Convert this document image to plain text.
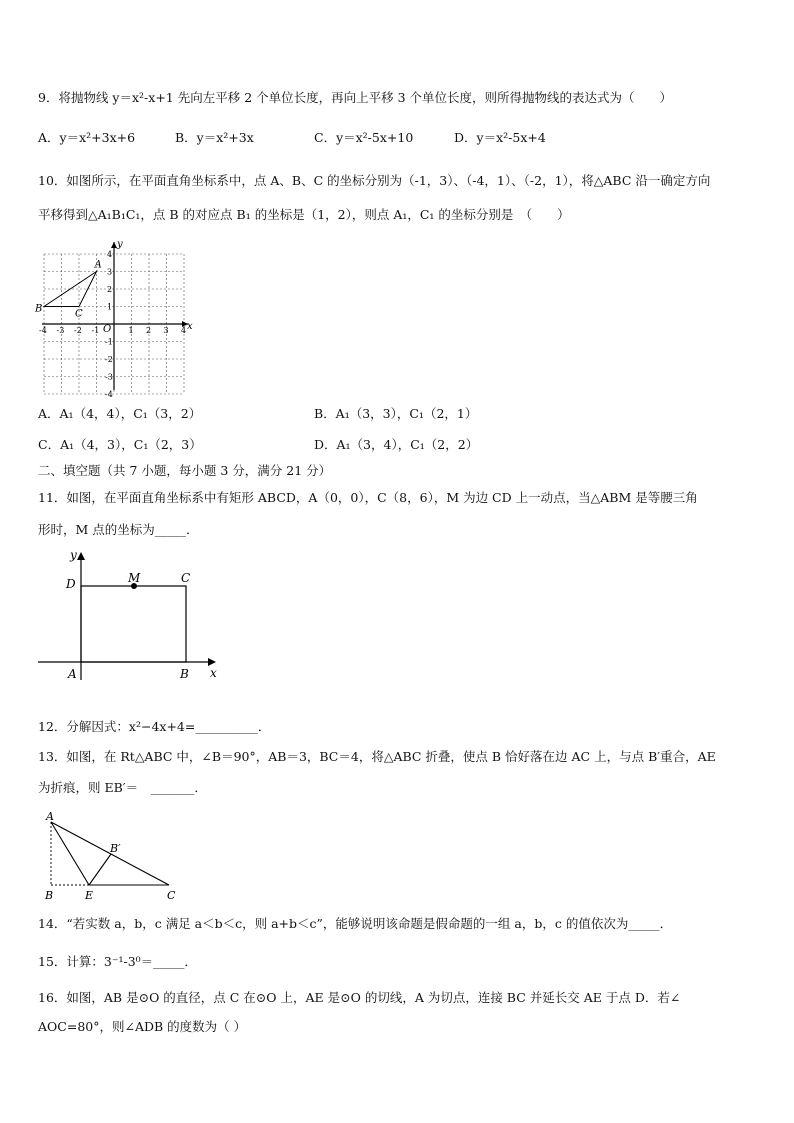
9．将抛物线 y＝x²-x+1 先向左平移 2 个单位长度，再向上平移 3 个单位长度，则所得抛物线的表达式为（　　）
A．y＝x²+3x+6	B．y＝x²+3x	C．y＝x²-5x+10	D．y＝x²-5x+4
10．如图所示，在平面直角坐标系中，点 A、B、C 的坐标分别为（-1，3）、（-4，1）、（-2，1），将△ABC 沿一确定方向
平移得到△A₁B₁C₁，点 B 的对应点 B₁ 的坐标是（1，2），则点 A₁，C₁ 的坐标分别是　（　　）
x
y
O
-4 -3 -2 -1	1 2 3 4
4
3
2
1
-1
-2
-3
-4
A
B	C
A．A₁（4，4），C₁（3，2）	B．A₁（3，3），C₁（2，1）
C．A₁（4，3），C₁（2，3）	D．A₁（3，4），C₁（2，2）
二、填空题（共 7 小题，每小题 3 分，满分 21 分）
11．如图，在平面直角坐标系中有矩形 ABCD，A（0，0），C（8，6），M 为边 CD 上一动点，当△ABM 是等腰三角
形时，M 点的坐标为_____．
y
x
D	M	C
A	B
12．分解因式：x²−4x+4=__________．
13．如图，在 Rt△ABC 中，∠B＝90°，AB＝3，BC＝4，将△ABC 折叠，使点 B 恰好落在边 AC 上，与点 B′重合，AE
为折痕，则 EB′＝　_______．
A
B′
B	E	C
14．“若实数 a，b，c 满足 a＜b＜c，则 a+b＜c”，能够说明该命题是假命题的一组 a，b，c 的值依次为_____．
15．计算：3⁻¹-3⁰＝_____．
16．如图，AB 是⊙O 的直径，点 C 在⊙O 上，AE 是⊙O 的切线，A 为切点，连接 BC 并延长交 AE 于点 D．若∠
AOC=80°，则∠ADB 的度数为（ ）
